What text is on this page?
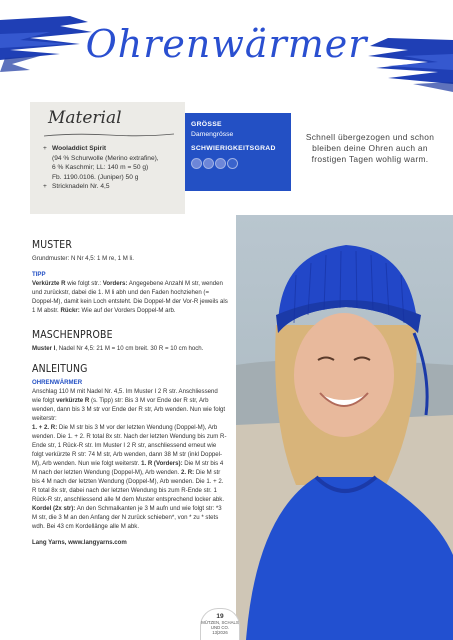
Ohrenwärmer
Material
+ Wooladdict Spirit
(94 % Schurwolle (Merino extrafine),
6 % Kaschmir; LL: 140 m = 50 g)
Fb. 1190.0106. (Juniper) 50 g
+ Stricknadeln Nr. 4,5
GRÖSSE
Damengrösse
SCHWIERIGKEITSGRAD
Schnell übergezogen und schon bleiben deine Ohren auch an frostigen Tagen wohlig warm.
MUSTER
Grundmuster: N Nr 4,5: 1 M re, 1 M li.
TIPP
Verkürzte R wie folgt str.: Vorders: Angegebene Anzahl M str, wenden und zurückstr, dabei die 1. M li abh und den Faden hochziehen (= Doppel-M), damit kein Loch entsteht. Die Doppel-M der Vor-R jeweils als 1 M abstr. Rückr: Wie auf der Vorders Doppel-M arb.
MASCHENPROBE
Muster I, Nadel Nr 4,5: 21 M = 10 cm breit. 30 R = 10 cm hoch.
ANLEITUNG
OHRENWÄRMER
Anschlag 110 M mit Nadel Nr. 4,5. Im Muster I 2 R str. Anschliessend wie folgt verkürzte R (s. Tipp) str: Bis 3 M vor Ende der R str, Arb wenden, dann bis 3 M str vor Ende der R str, Arb wenden. Nun wie folgt weiterstr:
1. + 2. R: Die M str bis 3 M vor der letzten Wendung (Doppel-M), Arb wenden. Die 1. + 2. R total 8x str. Nach der letzten Wendung bis zum R-Ende str, 1 Rück-R str. Im Muster I 2 R str, anschliessend erneut wie folgt verkürzte R str: 74 M str, Arb wenden, dann 38 M str (inkl Doppel-M), Arb wenden. Nun wie folgt weiterstr. 1. R (Vorders): Die M str bis 4 M nach der letzten Wendung (Doppel-M), Arb wenden. 2. R: Die M str bis 4 M nach der letzten Wendung (Doppel-M), Arb wenden. Die 1. + 2. R total 8x str, dabei nach der letzten Wendung bis zum R-Ende str. 1 Rück-R str, anschliessend alle M dem Muster entsprechend locker abk.
Kordel (2x str): An den Schmalkanten je 3 M aufn und wie folgt str: *3 M str, die 3 M an den Anfang der N zurück schieben*, von * zu * stets wdh. Bei 43 cm Kordellänge alle M abk.
Lang Yarns, www.langyarns.com
19
MÜTZEN, SCHALS
UND CO.
13|2026
